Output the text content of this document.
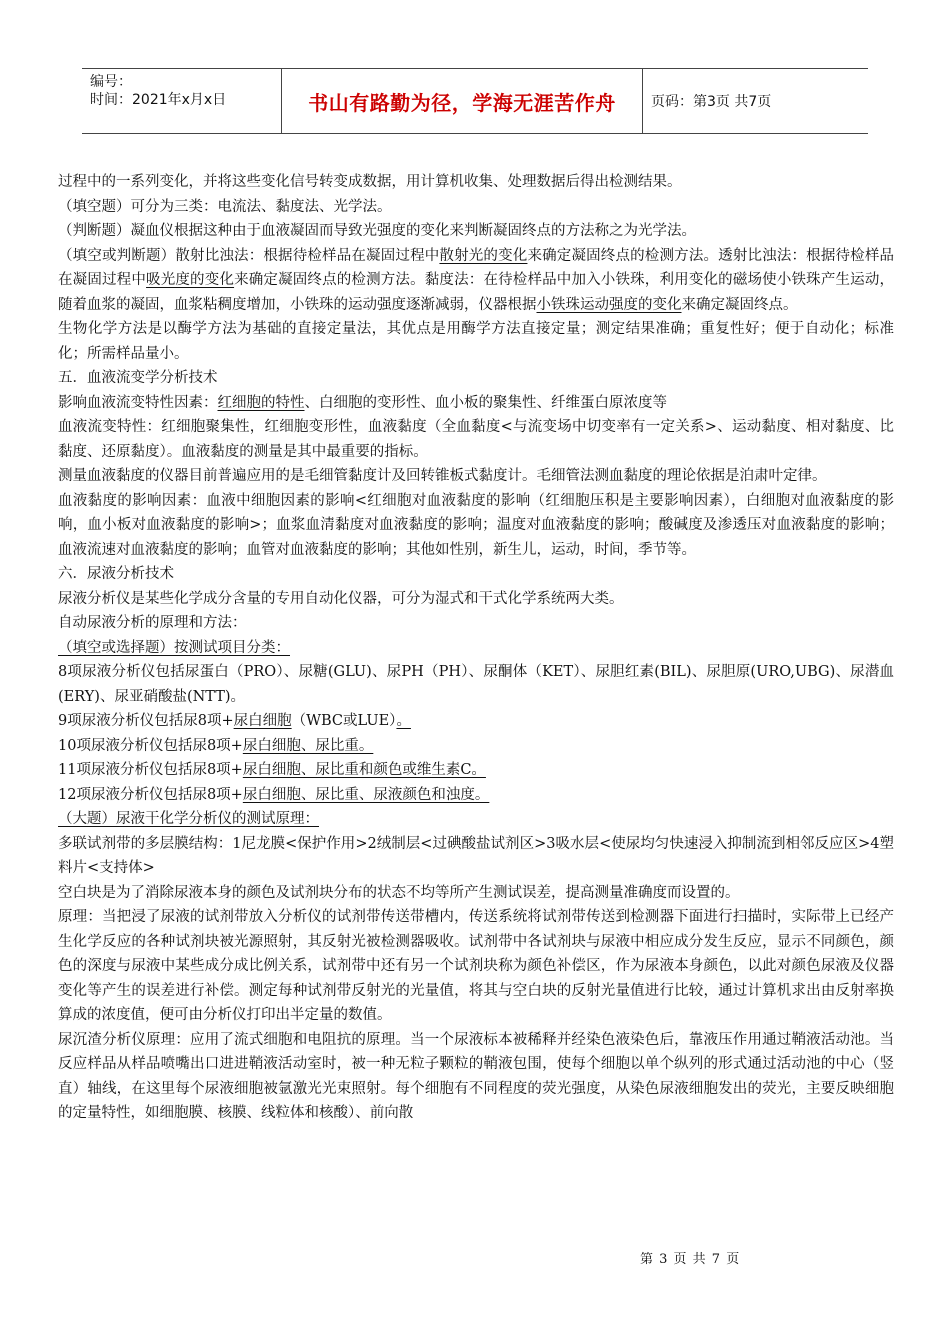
编号：
时间：2021年x月x日	书山有路勤为径，学海无涯苦作舟	页码：第3页 共7页

过程中的一系列变化，并将这些变化信号转变成数据，用计算机收集、处理数据后得出检测结果。

（填空题）可分为三类：电流法、黏度法、光学法。

（判断题）凝血仪根据这种由于血液凝固而导致光强度的变化来判断凝固终点的方法称之为光学法。

（填空或判断题）散射比浊法：根据待检样品在凝固过程中散射光的变化来确定凝固终点的检测方法。透射比浊法：根据待检样品在凝固过程中吸光度的变化来确定凝固终点的检测方法。黏度法：在待检样品中加入小铁珠，利用变化的磁场使小铁珠产生运动，随着血浆的凝固，血浆粘稠度增加，小铁珠的运动强度逐渐减弱，仪器根据小铁珠运动强度的变化来确定凝固终点。

生物化学方法是以酶学方法为基础的直接定量法，其优点是用酶学方法直接定量；测定结果准确；重复性好；便于自动化；标准化；所需样品量小。

五．血液流变学分析技术

影响血液流变特性因素：红细胞的特性、白细胞的变形性、血小板的聚集性、纤维蛋白原浓度等

血液流变特性：红细胞聚集性，红细胞变形性，血液黏度（全血黏度<与流变场中切变率有一定关系>、运动黏度、相对黏度、比黏度、还原黏度）。血液黏度的测量是其中最重要的指标。

测量血液黏度的仪器目前普遍应用的是毛细管黏度计及回转锥板式黏度计。毛细管法测血黏度的理论依据是泊肃叶定律。

血液黏度的影响因素：血液中细胞因素的影响<红细胞对血液黏度的影响（红细胞压积是主要影响因素），白细胞对血液黏度的影响，血小板对血液黏度的影响>；血浆血清黏度对血液黏度的影响；温度对血液黏度的影响；酸碱度及渗透压对血液黏度的影响；血液流速对血液黏度的影响；血管对血液黏度的影响；其他如性别，新生儿，运动，时间，季节等。

六．尿液分析技术

尿液分析仪是某些化学成分含量的专用自动化仪器，可分为湿式和干式化学系统两大类。

自动尿液分析的原理和方法：

（填空或选择题）按测试项目分类：

8项尿液分析仪包括尿蛋白（PRO）、尿糖(GLU)、尿PH（PH）、尿酮体（KET）、尿胆红素(BIL)、尿胆原(URO,UBG)、尿潜血(ERY)、尿亚硝酸盐(NTT)。

9项尿液分析仪包括尿8项+尿白细胞（WBC或LUE）。

10项尿液分析仪包括尿8项+尿白细胞、尿比重。

11项尿液分析仪包括尿8项+尿白细胞、尿比重和颜色或维生素C。

12项尿液分析仪包括尿8项+尿白细胞、尿比重、尿液颜色和浊度。

（大题）尿液干化学分析仪的测试原理：

多联试剂带的多层膜结构：1尼龙膜<保护作用>2绒制层<过碘酸盐试剂区>3吸水层<使尿均匀快速浸入抑制流到相邻反应区>4塑料片<支持体>

空白块是为了消除尿液本身的颜色及试剂块分布的状态不均等所产生测试误差，提高测量准确度而设置的。

原理：当把浸了尿液的试剂带放入分析仪的试剂带传送带槽内，传送系统将试剂带传送到检测器下面进行扫描时，实际带上已经产生化学反应的各种试剂块被光源照射，其反射光被检测器吸收。试剂带中各试剂块与尿液中相应成分发生反应，显示不同颜色，颜色的深度与尿液中某些成分成比例关系，试剂带中还有另一个试剂块称为颜色补偿区，作为尿液本身颜色，以此对颜色尿液及仪器变化等产生的误差进行补偿。测定每种试剂带反射光的光量值，将其与空白块的反射光量值进行比较，通过计算机求出由反射率换算成的浓度值，便可由分析仪打印出半定量的数值。

尿沉渣分析仪原理：应用了流式细胞和电阻抗的原理。当一个尿液标本被稀释并经染色液染色后，靠液压作用通过鞘液活动池。当反应样品从样品喷嘴出口进进鞘液活动室时，被一种无粒子颗粒的鞘液包围，使每个细胞以单个纵列的形式通过活动池的中心（竖直）轴线，在这里每个尿液细胞被氩激光光束照射。每个细胞有不同程度的荧光强度，从染色尿液细胞发出的荧光，主要反映细胞的定量特性，如细胞膜、核膜、线粒体和核酸）、前向散

第 3 页 共 7 页
